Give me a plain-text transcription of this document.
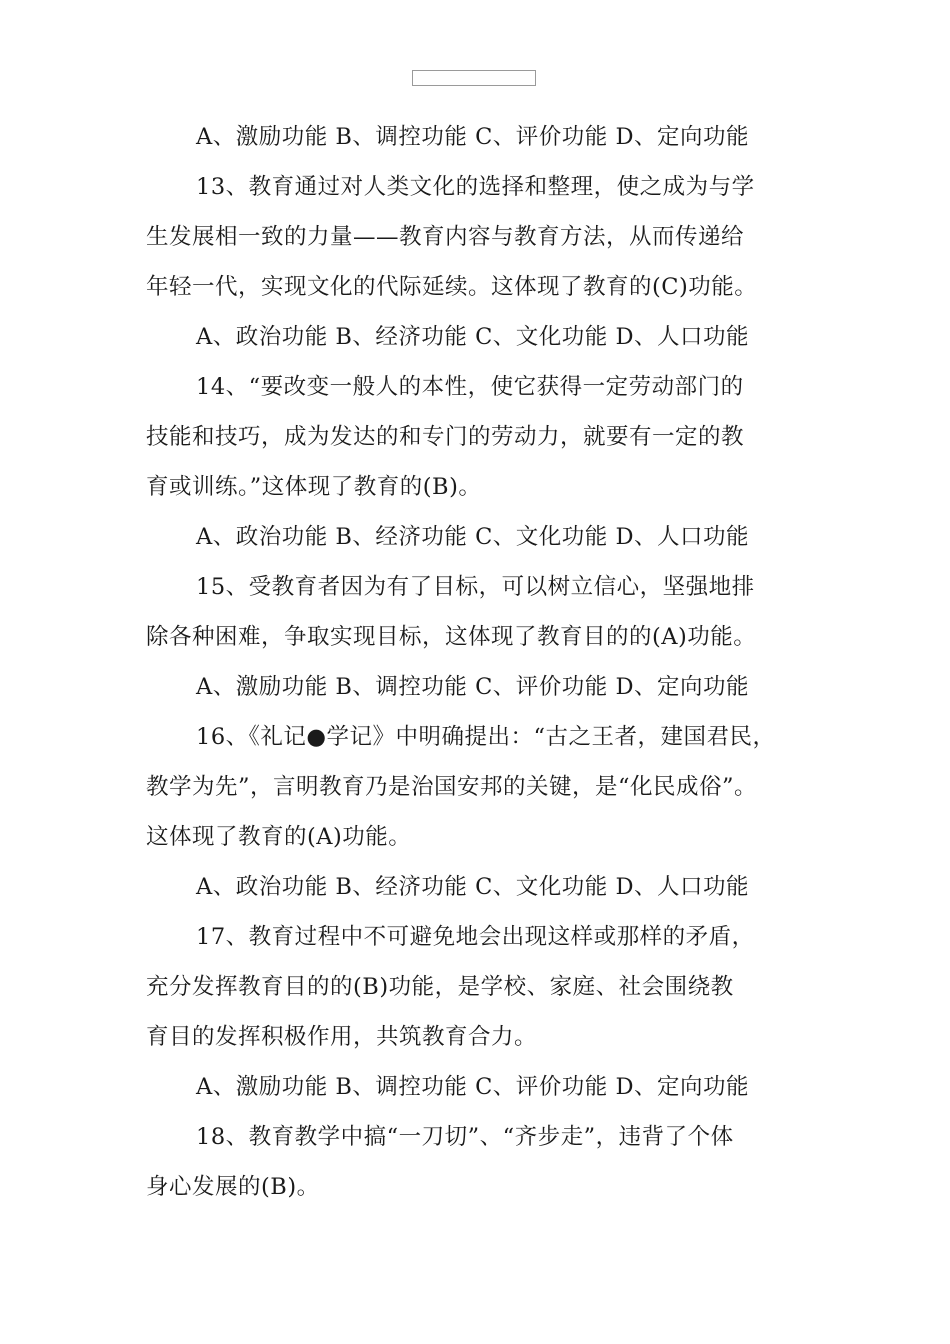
A、激励功能 B、调控功能 C、评价功能 D、定向功能
13、教育通过对人类文化的选择和整理，使之成为与学
生发展相一致的力量——教育内容与教育方法，从而传递给
年轻一代，实现文化的代际延续。这体现了教育的(C)功能。
A、政治功能 B、经济功能 C、文化功能 D、人口功能
14、“要改变一般人的本性，使它获得一定劳动部门的
技能和技巧，成为发达的和专门的劳动力，就要有一定的教
育或训练。”这体现了教育的(B)。
A、政治功能 B、经济功能 C、文化功能 D、人口功能
15、受教育者因为有了目标，可以树立信心，坚强地排
除各种困难，争取实现目标，这体现了教育目的的(A)功能。
A、激励功能 B、调控功能 C、评价功能 D、定向功能
16、《礼记●学记》中明确提出：“古之王者，建国君民，
教学为先”，言明教育乃是治国安邦的关键，是“化民成俗”。
这体现了教育的(A)功能。
A、政治功能 B、经济功能 C、文化功能 D、人口功能
17、教育过程中不可避免地会出现这样或那样的矛盾，
充分发挥教育目的的(B)功能，是学校、家庭、社会围绕教
育目的发挥积极作用，共筑教育合力。
A、激励功能 B、调控功能 C、评价功能 D、定向功能
18、教育教学中搞“一刀切”、“齐步走”，违背了个体
身心发展的(B)。
